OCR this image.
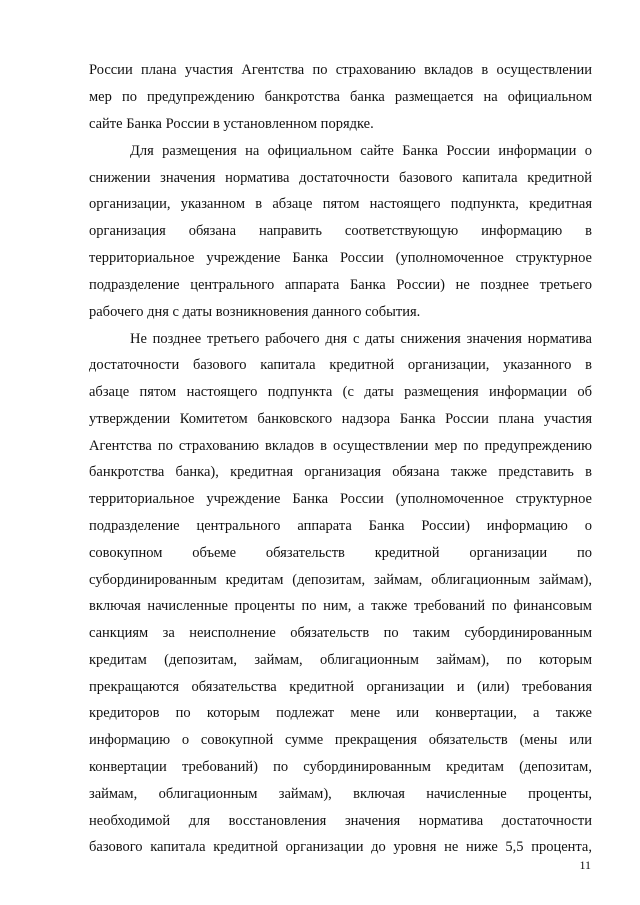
России плана участия Агентства по страхованию вкладов в осуществлении
мер по предупреждению банкротства банка размещается на официальном
сайте Банка России в установленном порядке.
Для размещения на официальном сайте Банка России информации о
снижении значения норматива достаточности базового капитала кредитной
организации, указанном в абзаце пятом настоящего подпункта, кредитная
организация обязана направить соответствующую информацию в
территориальное учреждение Банка России (уполномоченное структурное
подразделение центрального аппарата Банка России) не позднее третьего
рабочего дня с даты возникновения данного события.
Не позднее третьего рабочего дня с даты снижения значения норматива
достаточности базового капитала кредитной организации, указанного в
абзаце пятом настоящего подпункта (с даты размещения информации об
утверждении Комитетом банковского надзора Банка России плана участия
Агентства по страхованию вкладов в осуществлении мер по предупреждению
банкротства банка), кредитная организация обязана также представить в
территориальное учреждение Банка России (уполномоченное структурное
подразделение центрального аппарата Банка России) информацию о
совокупном объеме обязательств кредитной организации по
субординированным кредитам (депозитам, займам, облигационным займам),
включая начисленные проценты по ним, а также требований по финансовым
санкциям за неисполнение обязательств по таким субординированным
кредитам (депозитам, займам, облигационным займам), по которым
прекращаются обязательства кредитной организации и (или) требования
кредиторов по которым подлежат мене или конвертации, а также
информацию о совокупной сумме прекращения обязательств (мены или
конвертации требований) по субординированным кредитам (депозитам,
займам, облигационным займам), включая начисленные проценты,
необходимой для восстановления значения норматива достаточности
базового капитала кредитной организации до уровня не ниже 5,5 процента,
11
